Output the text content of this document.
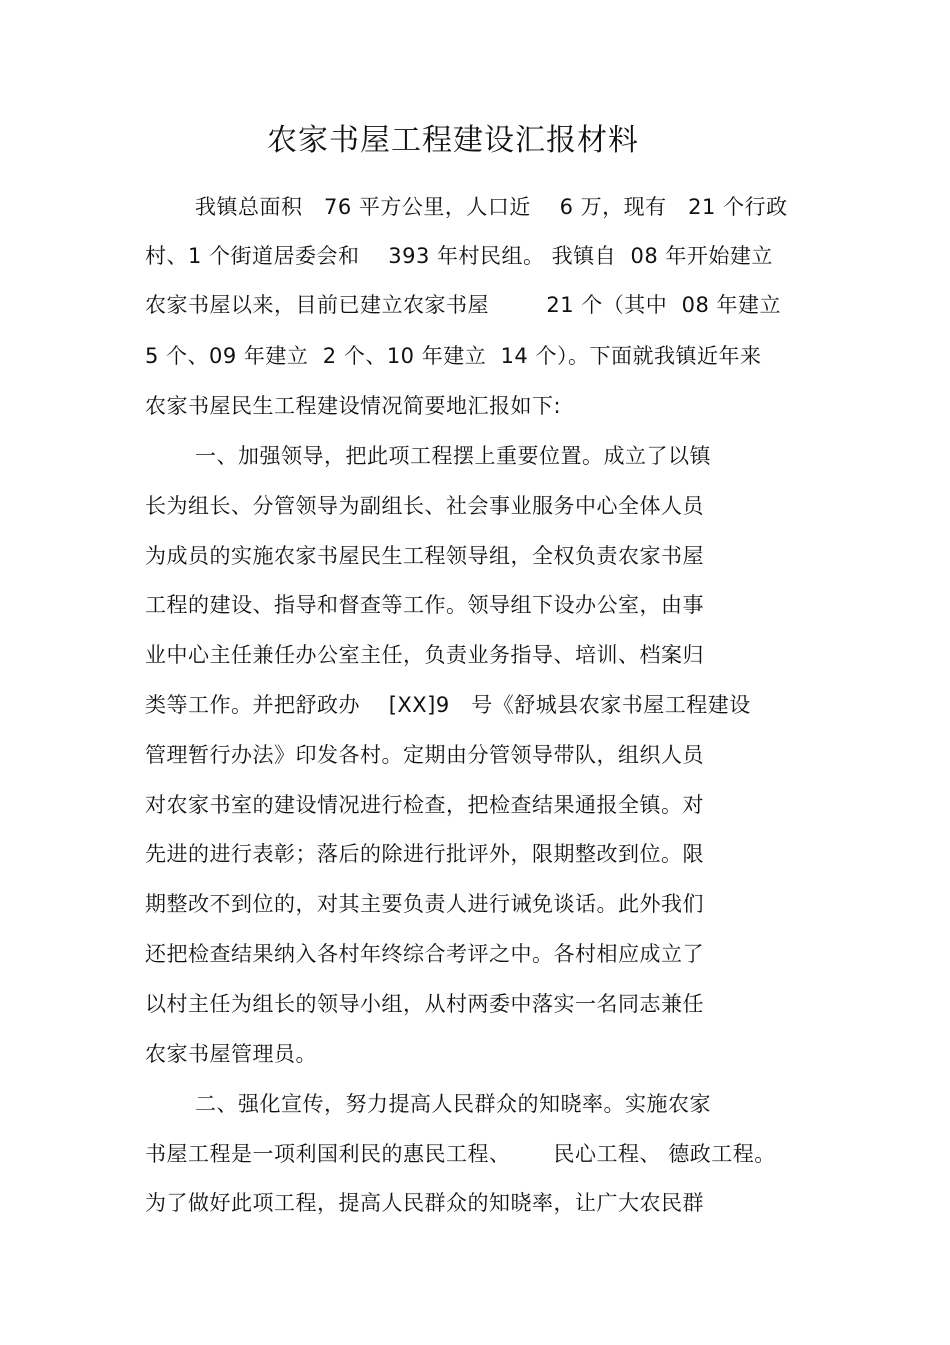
农家书屋工程建设汇报材料
我镇总面积   76 平方公里，人口近    6 万，现有   21 个行政
村、1 个街道居委会和    393 年村民组。 我镇自  08 年开始建立
农家书屋以来，目前已建立农家书屋        21 个（其中  08 年建立
5 个、09 年建立  2 个、10 年建立  14 个）。下面就我镇近年来
农家书屋民生工程建设情况简要地汇报如下:
一、加强领导，把此项工程摆上重要位置。成立了以镇
长为组长、分管领导为副组长、社会事业服务中心全体人员
为成员的实施农家书屋民生工程领导组，全权负责农家书屋
工程的建设、指导和督查等工作。领导组下设办公室，由事
业中心主任兼任办公室主任，负责业务指导、培训、档案归
类等工作。并把舒政办    [XX]9   号《舒城县农家书屋工程建设
管理暂行办法》印发各村。定期由分管领导带队，组织人员
对农家书室的建设情况进行检查，把检查结果通报全镇。对
先进的进行表彰；落后的除进行批评外，限期整改到位。限
期整改不到位的，对其主要负责人进行诫免谈话。此外我们
还把检查结果纳入各村年终综合考评之中。各村相应成立了
以村主任为组长的领导小组，从村两委中落实一名同志兼任
农家书屋管理员。
二、强化宣传，努力提高人民群众的知晓率。实施农家
书屋工程是一项利国利民的惠民工程、      民心工程、 德政工程。
为了做好此项工程，提高人民群众的知晓率，让广大农民群
